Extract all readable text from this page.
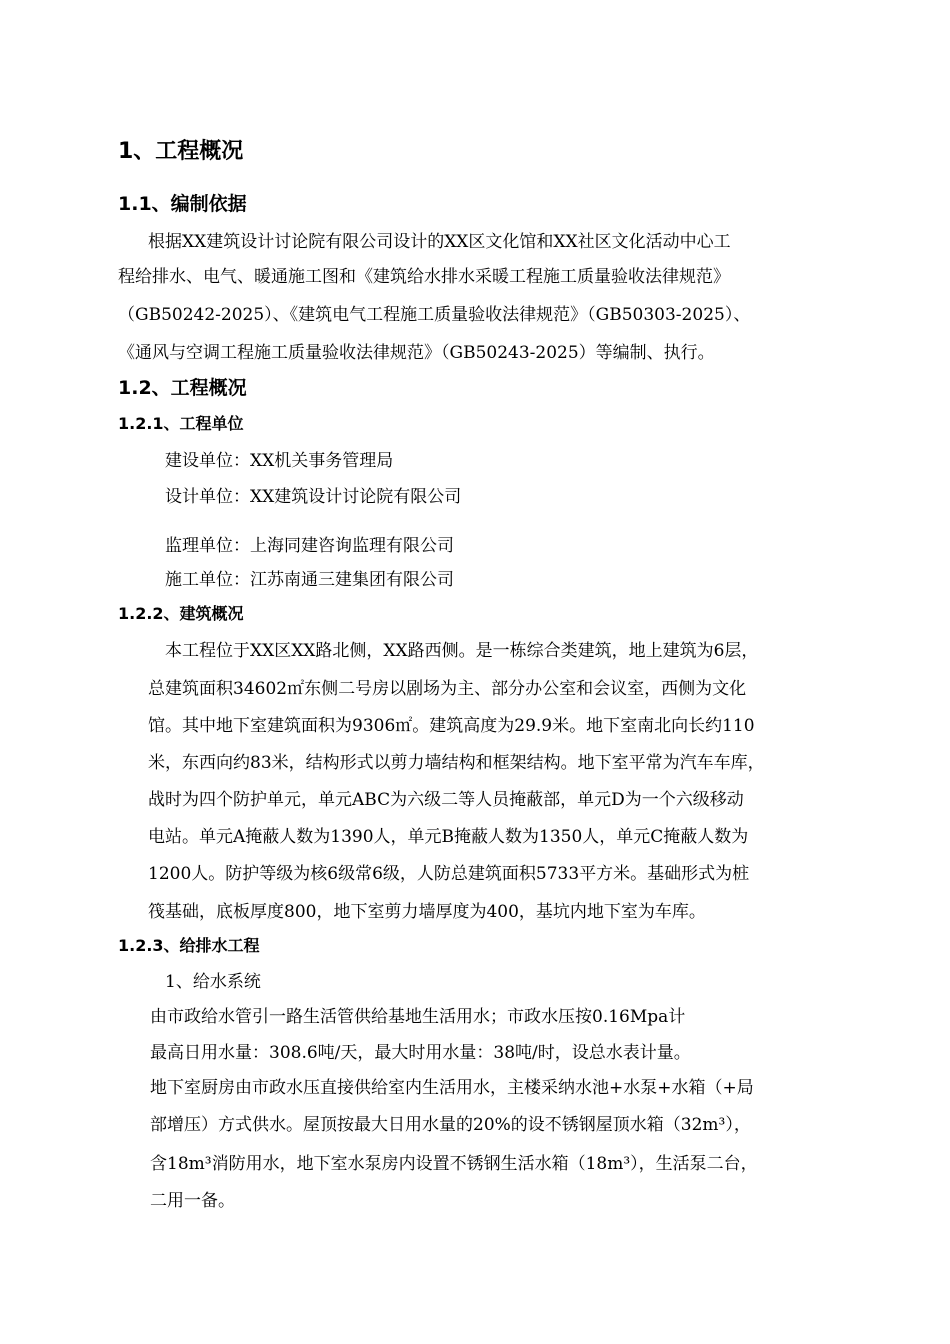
1、工程概况
1.1、编制依据
根据XX建筑设计讨论院有限公司设计的XX区文化馆和XX社区文化活动中心工
程给排水、电气、暖通施工图和《建筑给水排水采暖工程施工质量验收法律规范》
（GB50242-2025）、《建筑电气工程施工质量验收法律规范》（GB50303-2025）、
《通风与空调工程施工质量验收法律规范》（GB50243-2025）等编制、执行。
1.2、工程概况
1.2.1、工程单位
建设单位：XX机关事务管理局
设计单位：XX建筑设计讨论院有限公司
监理单位：上海同建咨询监理有限公司
施工单位：江苏南通三建集团有限公司
1.2.2、建筑概况
本工程位于XX区XX路北侧，XX路西侧。是一栋综合类建筑，地上建筑为6层，
总建筑面积34602㎡东侧二号房以剧场为主、部分办公室和会议室，西侧为文化
馆。其中地下室建筑面积为9306㎡。建筑高度为29.9米。地下室南北向长约110
米，东西向约83米，结构形式以剪力墙结构和框架结构。地下室平常为汽车车库，
战时为四个防护单元，单元ABC为六级二等人员掩蔽部，单元D为一个六级移动
电站。单元A掩蔽人数为1390人，单元B掩蔽人数为1350人，单元C掩蔽人数为
1200人。防护等级为核6级常6级，人防总建筑面积5733平方米。基础形式为桩
筏基础，底板厚度800，地下室剪力墙厚度为400，基坑内地下室为车库。
1.2.3、给排水工程
1、给水系统
由市政给水管引一路生活管供给基地生活用水；市政水压按0.16Mpa计
最高日用水量：308.6吨/天，最大时用水量：38吨/时，设总水表计量。
地下室厨房由市政水压直接供给室内生活用水，主楼采纳水池+水泵+水箱（+局
部增压）方式供水。屋顶按最大日用水量的20%的设不锈钢屋顶水箱（32m³），
含18m³消防用水，地下室水泵房内设置不锈钢生活水箱（18m³），生活泵二台，
二用一备。
